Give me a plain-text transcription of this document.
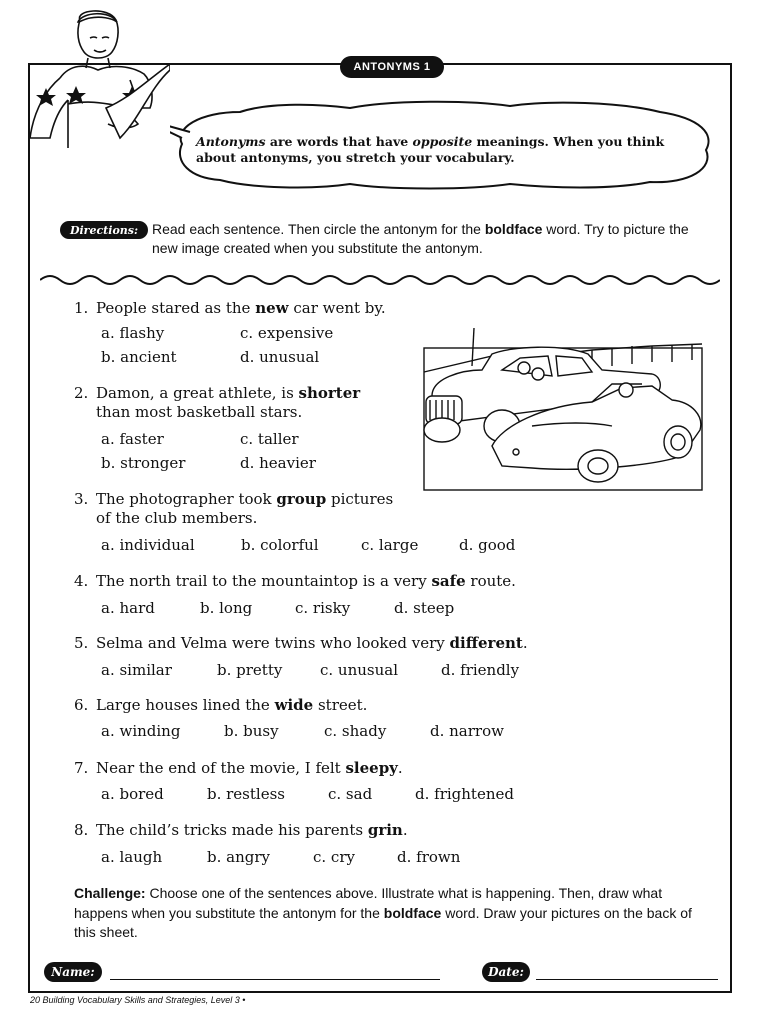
ANTONYMS 1
Antonyms are words that have opposite meanings. When you think about antonyms, you stretch your vocabulary.
Directions: Read each sentence. Then circle the antonym for the boldface word. Try to picture the new image created when you substitute the antonym.
1. People stared as the new car went by.
a. flashy	c. expensive
b. ancient	d. unusual
2. Damon, a great athlete, is shorter
than most basketball stars.
a. faster	c. taller
b. stronger	d. heavier
3. The photographer took group pictures
of the club members.
a. individual	b. colorful	c. large	d. good
4. The north trail to the mountaintop is a very safe route.
a. hard	b. long	c. risky	d. steep
5. Selma and Velma were twins who looked very different.
a. similar	b. pretty	c. unusual	d. friendly
6. Large houses lined the wide street.
a. winding	b. busy	c. shady	d. narrow
7. Near the end of the movie, I felt sleepy.
a. bored	b. restless	c. sad	d. frightened
8. The child’s tricks made his parents grin.
a. laugh	b. angry	c. cry	d. frown
Challenge: Choose one of the sentences above. Illustrate what is happening. Then, draw what happens when you substitute the antonym for the boldface word. Draw your pictures on the back of this sheet.
Name:	Date:
20 Building Vocabulary Skills and Strategies, Level 3 •
